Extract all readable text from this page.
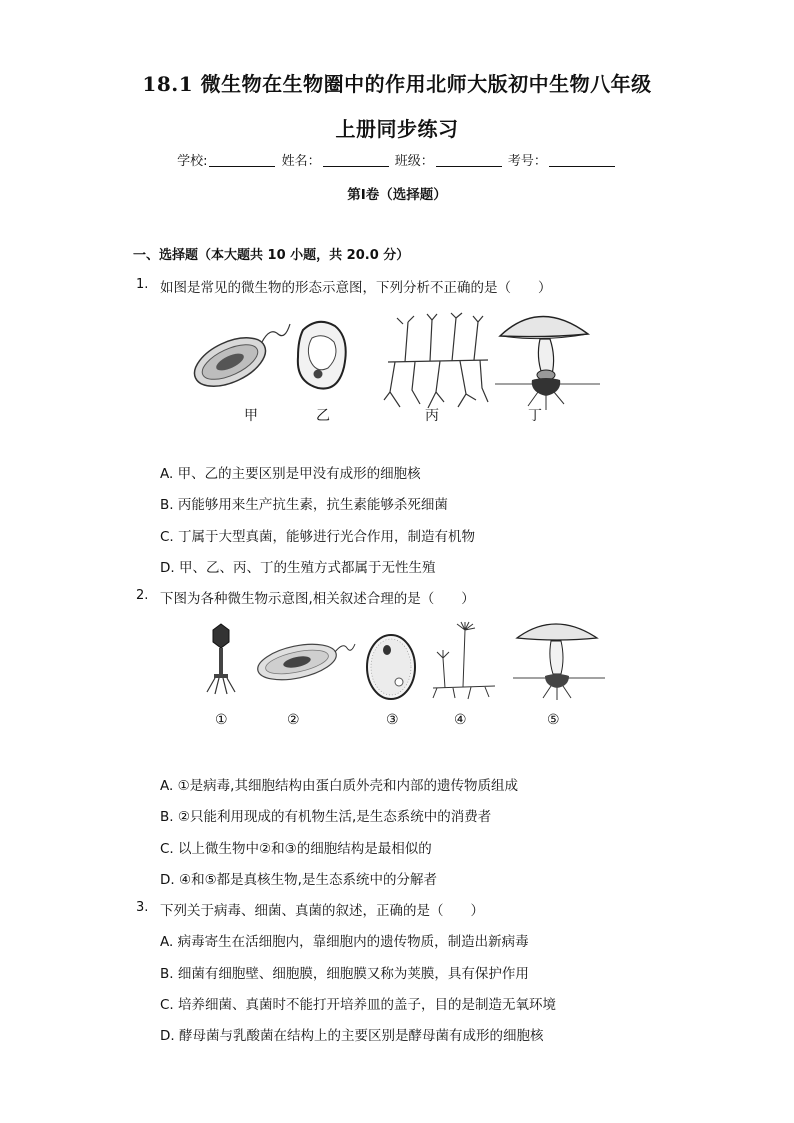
18.1 微生物在生物圈中的作用北师大版初中生物八年级
上册同步练习
学校:	姓名：	班级：	考号：
第I卷（选择题）
一、选择题（本大题共 10 小题，共 20.0 分）
1. 如图是常见的微生物的形态示意图，下列分析不正确的是（　　）
甲	乙	丙	丁
A. 甲、乙的主要区别是甲没有成形的细胞核
B. 丙能够用来生产抗生素，抗生素能够杀死细菌
C. 丁属于大型真菌，能够进行光合作用，制造有机物
D. 甲、乙、丙、丁的生殖方式都属于无性生殖
2. 下图为各种微生物示意图,相关叙述合理的是（　　）
①	②	③	④	⑤
A. ①是病毒,其细胞结构由蛋白质外壳和内部的遗传物质组成
B. ②只能利用现成的有机物生活,是生态系统中的消费者
C. 以上微生物中②和③的细胞结构是最相似的
D. ④和⑤都是真核生物,是生态系统中的分解者
3. 下列关于病毒、细菌、真菌的叙述，正确的是（　　）
A. 病毒寄生在活细胞内，靠细胞内的遗传物质，制造出新病毒
B. 细菌有细胞壁、细胞膜，细胞膜又称为荚膜，具有保护作用
C. 培养细菌、真菌时不能打开培养皿的盖子，目的是制造无氧环境
D. 酵母菌与乳酸菌在结构上的主要区别是酵母菌有成形的细胞核
